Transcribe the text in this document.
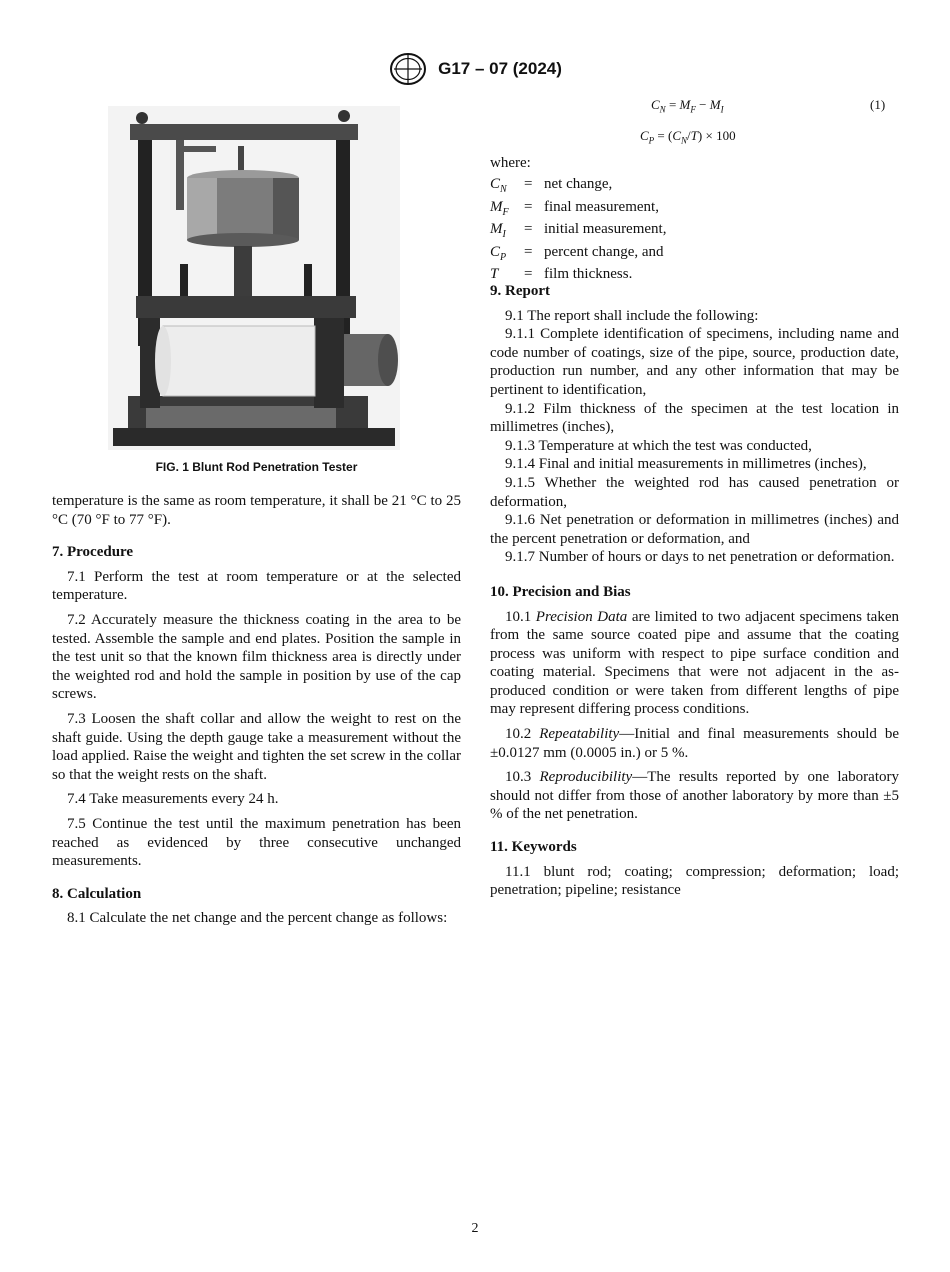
G17 – 07 (2024)
FIG. 1 Blunt Rod Penetration Tester

temperature is the same as room temperature, it shall be 21 °C to 25 °C (70 °F to 77 °F).

7. Procedure

7.1 Perform the test at room temperature or at the selected temperature.

7.2 Accurately measure the thickness coating in the area to be tested. Assemble the sample and end plates. Position the sample in the test unit so that the known film thickness area is directly under the weighted rod and hold the sample in position by use of the cap screws.

7.3 Loosen the shaft collar and allow the weight to rest on the shaft guide. Using the depth gauge take a measurement without the load applied. Raise the weight and tighten the set screw in the collar so that the weight rests on the shaft.

7.4 Take measurements every 24 h.

7.5 Continue the test until the maximum penetration has been reached as evidenced by three consecutive unchanged measurements.

8. Calculation

8.1 Calculate the net change and the percent change as follows:

$C_N = M_F - M_I$	(1)
$C_P = (C_N/T) \times 100$
where:
$C_N$	=	net change,
$M_F$	=	final measurement,
$M_I$	=	initial measurement,
$C_P$	=	percent change, and
T	=	film thickness.

9. Report

9.1 The report shall include the following:

9.1.1 Complete identification of specimens, including name and code number of coatings, size of the pipe, source, production date, production run number, and any other information that may be pertinent to identification,

9.1.2 Film thickness of the specimen at the test location in millimetres (inches),

9.1.3 Temperature at which the test was conducted,

9.1.4 Final and initial measurements in millimetres (inches),

9.1.5 Whether the weighted rod has caused penetration or deformation,

9.1.6 Net penetration or deformation in millimetres (inches) and the percent penetration or deformation, and

9.1.7 Number of hours or days to net penetration or deformation.

10. Precision and Bias

10.1 Precision Data are limited to two adjacent specimens taken from the same source coated pipe and assume that the coating process was uniform with respect to pipe surface condition and coating material. Specimens that were not adjacent in the as-produced condition or were taken from different lengths of pipe may represent differing process conditions.

10.2 Repeatability—Initial and final measurements should be ±0.0127 mm (0.0005 in.) or 5 %.

10.3 Reproducibility—The results reported by one laboratory should not differ from those of another laboratory by more than ±5 % of the net penetration.

11. Keywords

11.1 blunt rod; coating; compression; deformation; load; penetration; pipeline; resistance

2
